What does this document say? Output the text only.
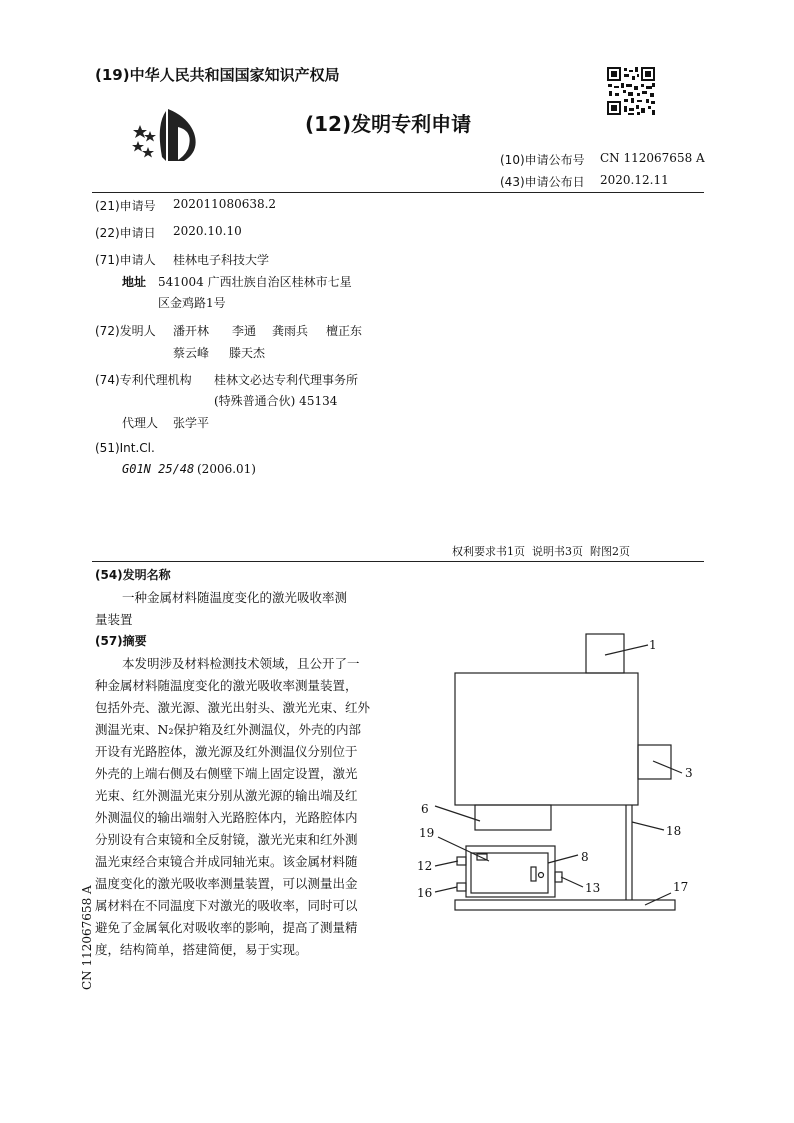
(19)中华人民共和国国家知识产权局
(12)发明专利申请
(10)申请公布号 CN 112067658 A
(43)申请公布日 2020.12.11
(21)申请号 202011080638.2
(22)申请日 2020.10.10
(71)申请人 桂林电子科技大学
地址 541004 广西壮族自治区桂林市七星
区金鸡路1号
(72)发明人 潘开林 李通 龚雨兵 檀正东
蔡云峰 滕天杰
(74)专利代理机构 桂林文必达专利代理事务所
(特殊普通合伙) 45134
代理人 张学平
(51)Int.Cl.
G01N 25/48 (2006.01)
权利要求书1页  说明书3页  附图2页
(54)发明名称
一种金属材料随温度变化的激光吸收率测
量装置
(57)摘要
本发明涉及材料检测技术领域，且公开了一
种金属材料随温度变化的激光吸收率测量装置，
包括外壳、激光源、激光出射头、激光光束、红外
测温光束、N₂保护箱及红外测温仪，外壳的内部
开设有光路腔体，激光源及红外测温仪分别位于
外壳的上端右侧及右侧壁下端上固定设置，激光
光束、红外测温光束分别从激光源的输出端及红
外测温仪的输出端射入光路腔体内，光路腔体内
分别设有合束镜和全反射镜，激光光束和红外测
温光束经合束镜合并成同轴光束。该金属材料随
温度变化的激光吸收率测量装置，可以测量出金
属材料在不同温度下对激光的吸收率，同时可以
避免了金属氧化对吸收率的影响，提高了测量精
度，结构简单，搭建简便，易于实现。
CN 112067658 A
1
3
6
18
19
8
12
13
16	17
